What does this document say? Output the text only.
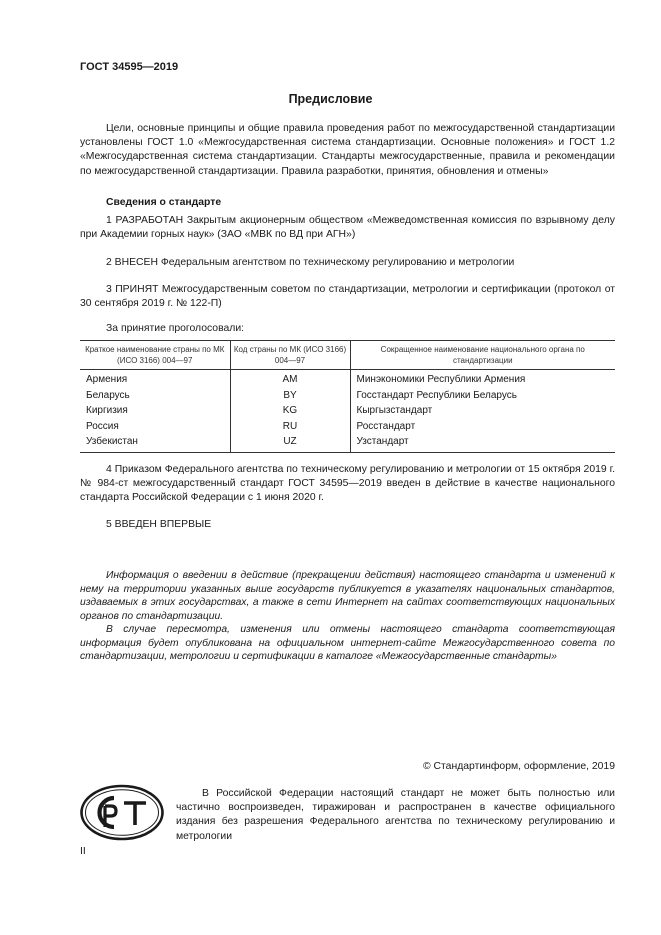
ГОСТ 34595—2019
Предисловие
Цели, основные принципы и общие правила проведения работ по межгосударственной стандартизации установлены ГОСТ 1.0 «Межгосударственная система стандартизации. Основные положения» и ГОСТ 1.2 «Межгосударственная система стандартизации. Стандарты межгосударственные, правила и рекомендации по межгосударственной стандартизации. Правила разработки, принятия, обновления и отмены»
Сведения о стандарте
1 РАЗРАБОТАН Закрытым акционерным обществом «Межведомственная комиссия по взрывному делу при Академии горных наук» (ЗАО «МВК по ВД при АГН»)
2 ВНЕСЕН Федеральным агентством по техническому регулированию и метрологии
3 ПРИНЯТ Межгосударственным советом по стандартизации, метрологии и сертификации (протокол от 30 сентября 2019 г. № 122-П)
За принятие проголосовали:
Краткое наименование страны по МК (ИСО 3166) 004—97	Код страны по МК (ИСО 3166) 004—97	Сокращенное наименование национального органа по стандартизации
Армения	AM	Минэкономики Республики Армения
Беларусь	BY	Госстандарт Республики Беларусь
Киргизия	KG	Кыргызстандарт
Россия	RU	Росстандарт
Узбекистан	UZ	Узстандарт
4 Приказом Федерального агентства по техническому регулированию и метрологии от 15 октября 2019 г. № 984-ст межгосударственный стандарт ГОСТ 34595—2019 введен в действие в качестве национального стандарта Российской Федерации с 1 июня 2020 г.
5 ВВЕДЕН ВПЕРВЫЕ
Информация о введении в действие (прекращении действия) настоящего стандарта и изменений к нему на территории указанных выше государств публикуется в указателях национальных стандартов, издаваемых в этих государствах, а также в сети Интернет на сайтах соответствующих национальных органов по стандартизации.
В случае пересмотра, изменения или отмены настоящего стандарта соответствующая информация будет опубликована на официальном интернет-сайте Межгосударственного совета по стандартизации, метрологии и сертификации в каталоге «Межгосударственные стандарты»
© Стандартинформ, оформление, 2019
В Российской Федерации настоящий стандарт не может быть полностью или частично воспроизведен, тиражирован и распространен в качестве официального издания без разрешения Федерального агентства по техническому регулированию и метрологии
II
